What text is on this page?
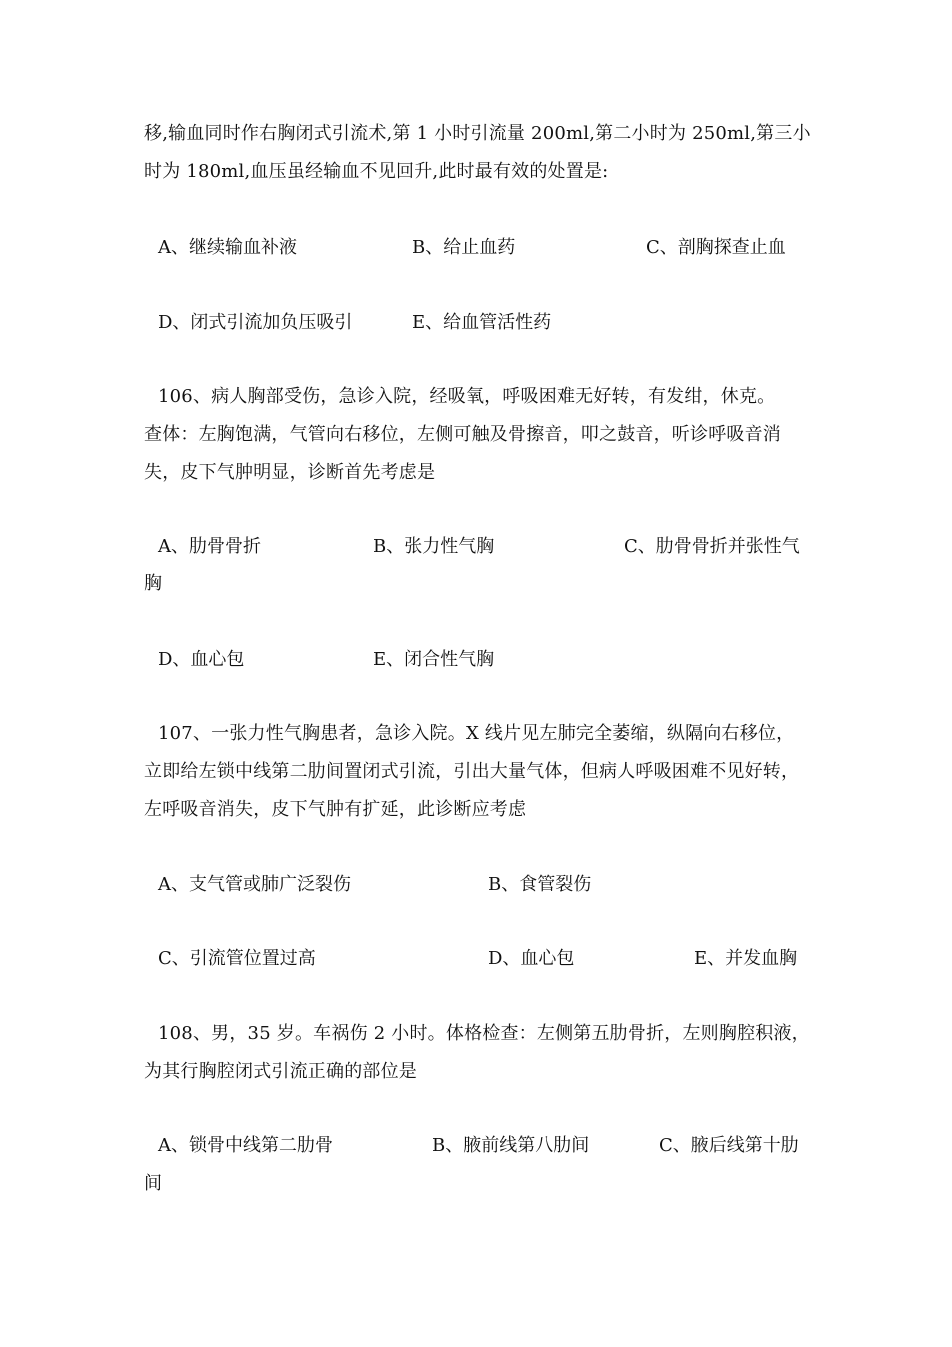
移,输血同时作右胸闭式引流术,第 1 小时引流量 200ml,第二小时为 250ml,第三小
时为 180ml,血压虽经输血不见回升,此时最有效的处置是:
A、继续输血补液	B、给止血药	C、剖胸探查止血
D、闭式引流加负压吸引	E、给血管活性药
106、病人胸部受伤，急诊入院，经吸氧，呼吸困难无好转，有发绀，休克。
查体：左胸饱满，气管向右移位，左侧可触及骨擦音，叩之鼓音，听诊呼吸音消
失，皮下气肿明显，诊断首先考虑是
A、肋骨骨折	B、张力性气胸	C、肋骨骨折并张性气
胸
D、血心包	E、闭合性气胸
107、一张力性气胸患者，急诊入院。X 线片见左肺完全萎缩，纵隔向右移位，
立即给左锁中线第二肋间置闭式引流，引出大量气体，但病人呼吸困难不见好转，
左呼吸音消失，皮下气肿有扩延，此诊断应考虑
A、支气管或肺广泛裂伤	B、食管裂伤
C、引流管位置过高	D、血心包	E、并发血胸
108、男，35 岁。车祸伤 2 小时。体格检查：左侧第五肋骨折，左则胸腔积液，
为其行胸腔闭式引流正确的部位是
A、锁骨中线第二肋骨	B、腋前线第八肋间	C、腋后线第十肋
间
